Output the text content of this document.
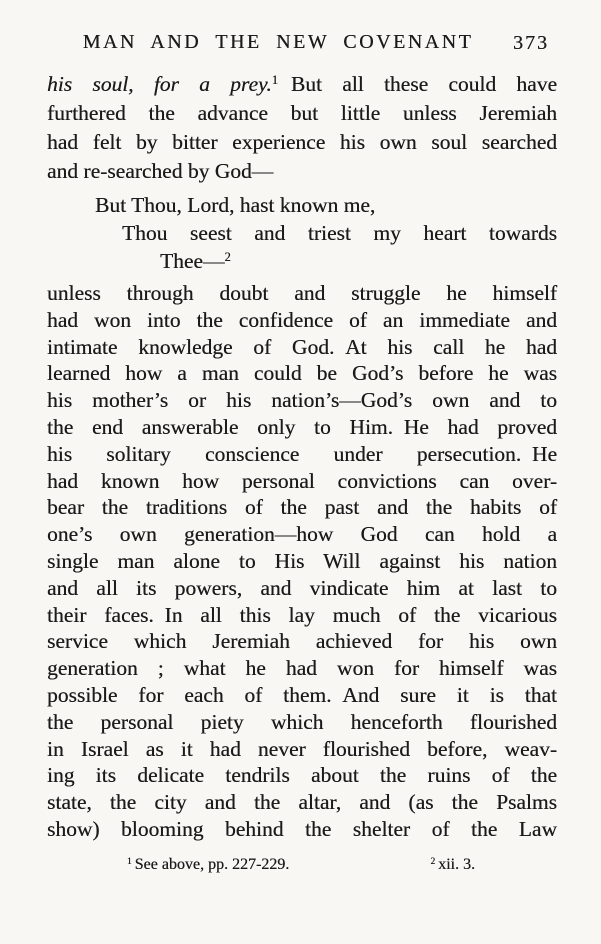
MAN AND THE NEW COVENANT	373
his soul, for a prey.$^1$ But all these could have
furthered the advance but little unless Jeremiah
had felt by bitter experience his own soul searched
and re-searched by God—
But Thou, Lord, hast known me,
Thou seest and triest my heart towards
Thee—$^2$
unless through doubt and struggle he himself
had won into the confidence of an immediate and
intimate knowledge of God. At his call he had
learned how a man could be God’s before he was
his mother’s or his nation’s—God’s own and to
the end answerable only to Him. He had proved
his solitary conscience under persecution. He
had known how personal convictions can over-
bear the traditions of the past and the habits of
one’s own generation—how God can hold a
single man alone to His Will against his nation
and all its powers, and vindicate him at last to
their faces. In all this lay much of the vicarious
service which Jeremiah achieved for his own
generation ; what he had won for himself was
possible for each of them. And sure it is that
the personal piety which henceforth flourished
in Israel as it had never flourished before, weav-
ing its delicate tendrils about the ruins of the
state, the city and the altar, and (as the Psalms
show) blooming behind the shelter of the Law
$^1$ See above, pp. 227-229.	$^2$ xii. 3.
